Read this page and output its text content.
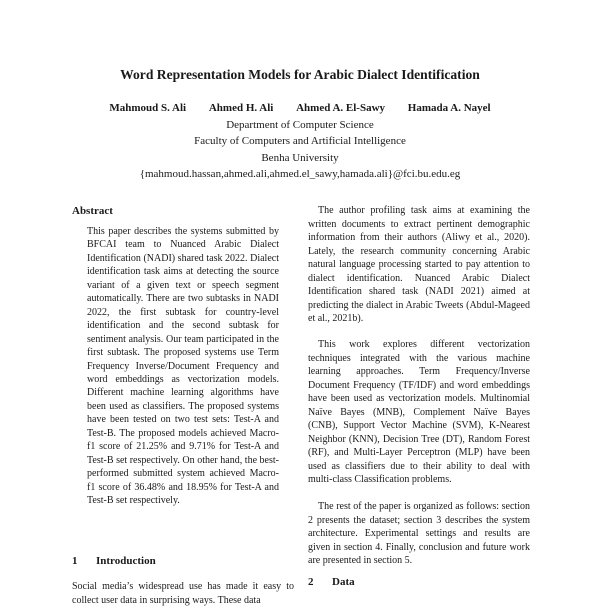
Word Representation Models for Arabic Dialect Identification
Mahmoud S. Ali Ahmed H. Ali Ahmed A. El-Sawy Hamada A. Nayel
Department of Computer Science
Faculty of Computers and Artificial Intelligence
Benha University
{mahmoud.hassan,ahmed.ali,ahmed.el_sawy,hamada.ali}@fci.bu.edu.eg
Abstract
This paper describes the systems submitted by BFCAI team to Nuanced Arabic Dialect Identification (NADI) shared task 2022. Dialect identification task aims at detecting the source variant of a given text or speech segment automatically. There are two subtasks in NADI 2022, the first subtask for country-level identification and the second subtask for sentiment analysis. Our team participated in the first subtask. The proposed systems use Term Frequency Inverse/Document Frequency and word embeddings as vectorization models. Different machine learning algorithms have been used as classifiers. The proposed systems have been tested on two test sets: Test-A and Test-B. The proposed models achieved Macro-f1 score of 21.25% and 9.71% for Test-A and Test-B set respectively. On other hand, the best-performed submitted system achieved Macro-f1 score of 36.48% and 18.95% for Test-A and Test-B set respectively.
1 Introduction
Social media’s widespread use has made it easy to collect user data in surprising ways. These data

The author profiling task aims at examining the written documents to extract pertinent demographic information from their authors (Aliwy et al., 2020). Lately, the research community concerning Arabic natural language processing started to pay attention to dialect identification. Nuanced Arabic Dialect Identification shared task (NADI 2021) aimed at predicting the dialect in Arabic Tweets (Abdul-Mageed et al., 2021b).

This work explores different vectorization techniques integrated with the various machine learning approaches. Term Frequency/Inverse Document Frequency (TF/IDF) and word embeddings have been used as vectorization models. Multinomial Naïve Bayes (MNB), Complement Naïve Bayes (CNB), Support Vector Machine (SVM), K-Nearest Neighbor (KNN), Decision Tree (DT), Random Forest (RF), and Multi-Layer Perceptron (MLP) have been used as classifiers due to their ability to deal with multi-class Classification problems.

The rest of the paper is organized as follows: section 2 presents the dataset; section 3 describes the system architecture. Experimental settings and results are given in section 4. Finally, conclusion and future work are presented in section 5.

2 Data
